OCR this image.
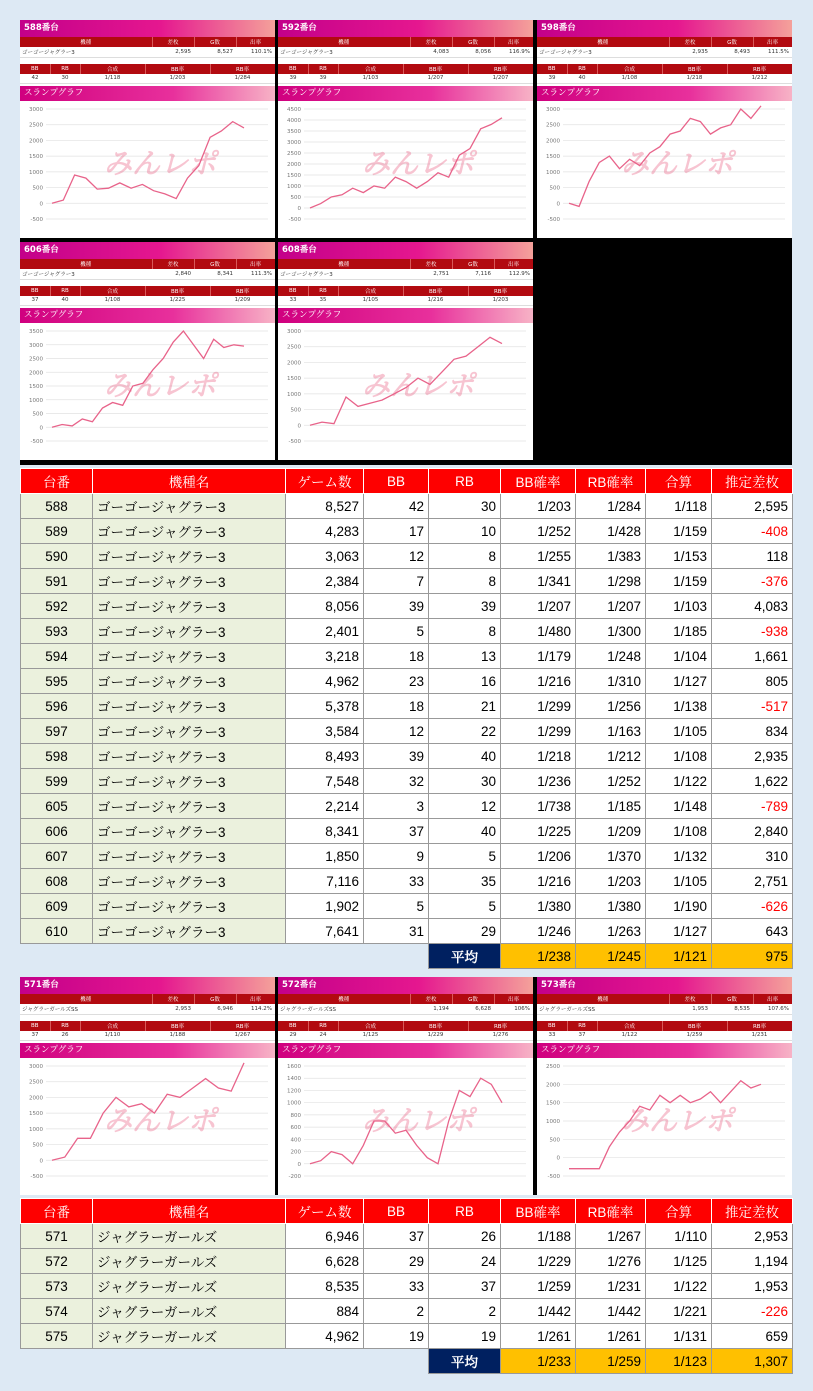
588番台
機種	差枚	G数	出率
ゴーゴージャグラー3	2,595	8,527	110.1%
BB	RB	合成	BB率	RB率
42	30	1/118	1/203	1/284
スランプグラフ
3000
2500
2000
1500
1000
500
0
-500
みんレポ
592番台
機種	差枚	G数	出率
ゴーゴージャグラー3	4,083	8,056	116.9%
BB	RB	合成	BB率	RB率
39	39	1/103	1/207	1/207
スランプグラフ
4500
4000
3500
3000
2500
2000
1500
1000
500
0
-500
みんレポ
598番台
機種	差枚	G数	出率
ゴーゴージャグラー3	2,935	8,493	111.5%
BB	RB	合成	BB率	RB率
39	40	1/108	1/218	1/212
スランプグラフ
3000
2500
2000
1500
1000
500
0
-500
みんレポ
606番台
機種	差枚	G数	出率
ゴーゴージャグラー3	2,840	8,341	111.3%
BB	RB	合成	BB率	RB率
37	40	1/108	1/225	1/209
スランプグラフ
3500
3000
2500
2000
1500
1000
500
0
-500
みんレポ
608番台
機種	差枚	G数	出率
ゴーゴージャグラー3	2,751	7,116	112.9%
BB	RB	合成	BB率	RB率
33	35	1/105	1/216	1/203
スランプグラフ
3000
2500
2000
1500
1000
500
0
-500
みんレポ
台番	機種名	ゲーム数	BB	RB	BB確率	RB確率	合算	推定差枚
588	ゴーゴージャグラー3	8,527	42	30	1/203	1/284	1/118	2,595
589	ゴーゴージャグラー3	4,283	17	10	1/252	1/428	1/159	-408
590	ゴーゴージャグラー3	3,063	12	8	1/255	1/383	1/153	118
591	ゴーゴージャグラー3	2,384	7	8	1/341	1/298	1/159	-376
592	ゴーゴージャグラー3	8,056	39	39	1/207	1/207	1/103	4,083
593	ゴーゴージャグラー3	2,401	5	8	1/480	1/300	1/185	-938
594	ゴーゴージャグラー3	3,218	18	13	1/179	1/248	1/104	1,661
595	ゴーゴージャグラー3	4,962	23	16	1/216	1/310	1/127	805
596	ゴーゴージャグラー3	5,378	18	21	1/299	1/256	1/138	-517
597	ゴーゴージャグラー3	3,584	12	22	1/299	1/163	1/105	834
598	ゴーゴージャグラー3	8,493	39	40	1/218	1/212	1/108	2,935
599	ゴーゴージャグラー3	7,548	32	30	1/236	1/252	1/122	1,622
605	ゴーゴージャグラー3	2,214	3	12	1/738	1/185	1/148	-789
606	ゴーゴージャグラー3	8,341	37	40	1/225	1/209	1/108	2,840
607	ゴーゴージャグラー3	1,850	9	5	1/206	1/370	1/132	310
608	ゴーゴージャグラー3	7,116	33	35	1/216	1/203	1/105	2,751
609	ゴーゴージャグラー3	1,902	5	5	1/380	1/380	1/190	-626
610	ゴーゴージャグラー3	7,641	31	29	1/246	1/263	1/127	643
				平均	1/238	1/245	1/121	975
571番台
機種	差枚	G数	出率
ジャグラーガールズSS	2,953	6,946	114.2%
BB	RB	合成	BB率	RB率
37	26	1/110	1/188	1/267
スランプグラフ
3000
2500
2000
1500
1000
500
0
-500
みんレポ
572番台
機種	差枚	G数	出率
ジャグラーガールズSS	1,194	6,628	106%
BB	RB	合成	BB率	RB率
29	24	1/125	1/229	1/276
スランプグラフ
1600
1400
1200
1000
800
600
400
200
0
-200
みんレポ
573番台
機種	差枚	G数	出率
ジャグラーガールズSS	1,953	8,535	107.6%
BB	RB	合成	BB率	RB率
33	37	1/122	1/259	1/231
スランプグラフ
2500
2000
1500
1000
500
0
-500
みんレポ
台番	機種名	ゲーム数	BB	RB	BB確率	RB確率	合算	推定差枚
571	ジャグラーガールズ	6,946	37	26	1/188	1/267	1/110	2,953
572	ジャグラーガールズ	6,628	29	24	1/229	1/276	1/125	1,194
573	ジャグラーガールズ	8,535	33	37	1/259	1/231	1/122	1,953
574	ジャグラーガールズ	884	2	2	1/442	1/442	1/221	-226
575	ジャグラーガールズ	4,962	19	19	1/261	1/261	1/131	659
				平均	1/233	1/259	1/123	1,307
